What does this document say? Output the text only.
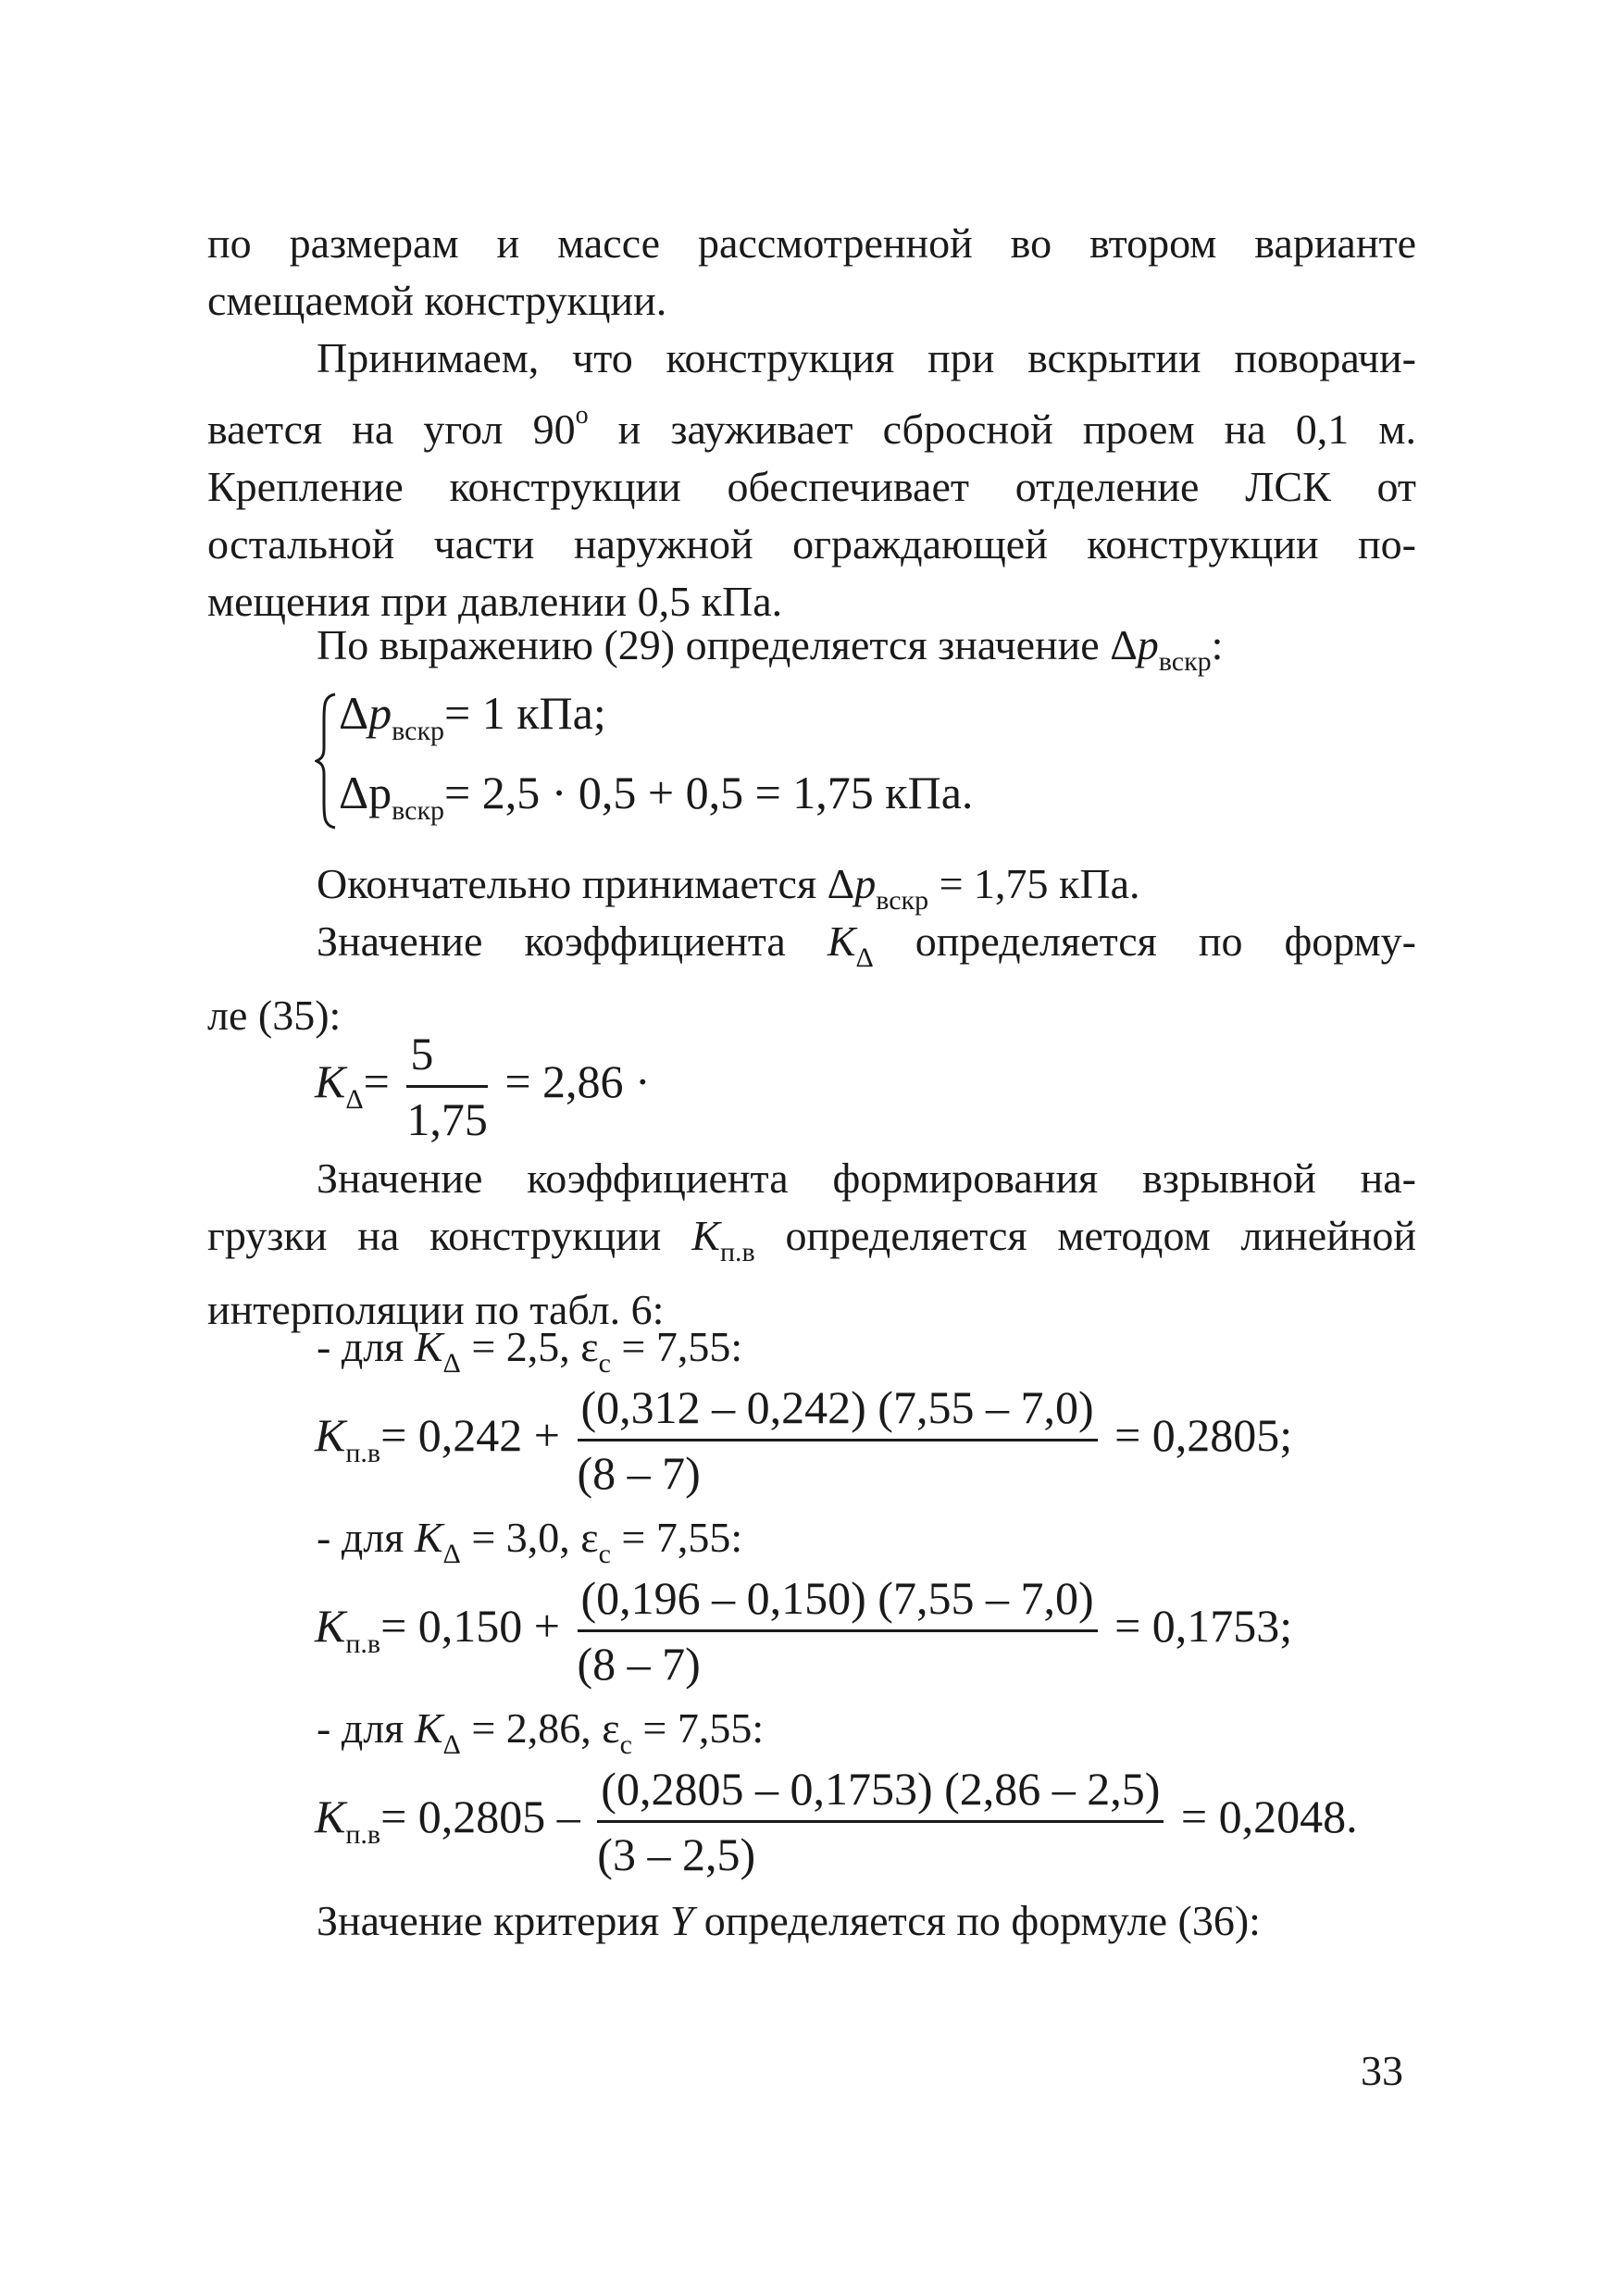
по размерам и массе рассмотренной во втором варианте
смещаемой конструкции.

Принимаем, что конструкция при вскрытии поворачи-
вается на угол $90^о$ и зауживает сбросной проем на 0,1 м.
Крепление конструкции обеспечивает отделение ЛСК от
остальной части наружной ограждающей конструкции по-
мещения при давлении 0,5 кПа.

По выражению (29) определяется значение $\Delta p_{вскр}$:

Δpвскр= 1 кПа;
Δрвскр= 2,5 · 0,5 + 0,5 = 1,75 кПа.

Окончательно принимается $\Delta p_{вскр} = 1,75$ кПа.

Значение коэффициента $K_\Delta$ определяется по форму-
ле (35):

$K\Delta= \frac{5}{1,75} = 2,86$ ·

Значение коэффициента формирования взрывной на-
грузки на конструкции $K_{п.в}$ определяется методом линейной
интерполяции по табл. 6:

- для $K_\Delta = 2,5$, $\varepsilon_с = 7,55$:

$Kп.в= 0,242 + \frac{(0,312 - 0,242) (7,55 - 7,0)}{(8 - 7)} = 0,2805$;

- для $K_\Delta = 3,0$, $\varepsilon_с = 7,55$:

$Kп.в= 0,150 + \frac{(0,196 - 0,150) (7,55 - 7,0)}{(8 - 7)} = 0,1753$;

- для $K_\Delta = 2,86$, $\varepsilon_с = 7,55$:

$Kп.в= 0,2805 - \frac{(0,2805 - 0,1753) (2,86 - 2,5)}{(3 - 2,5)} = 0,2048$.

Значение критерия Y определяется по формуле (36):

33
